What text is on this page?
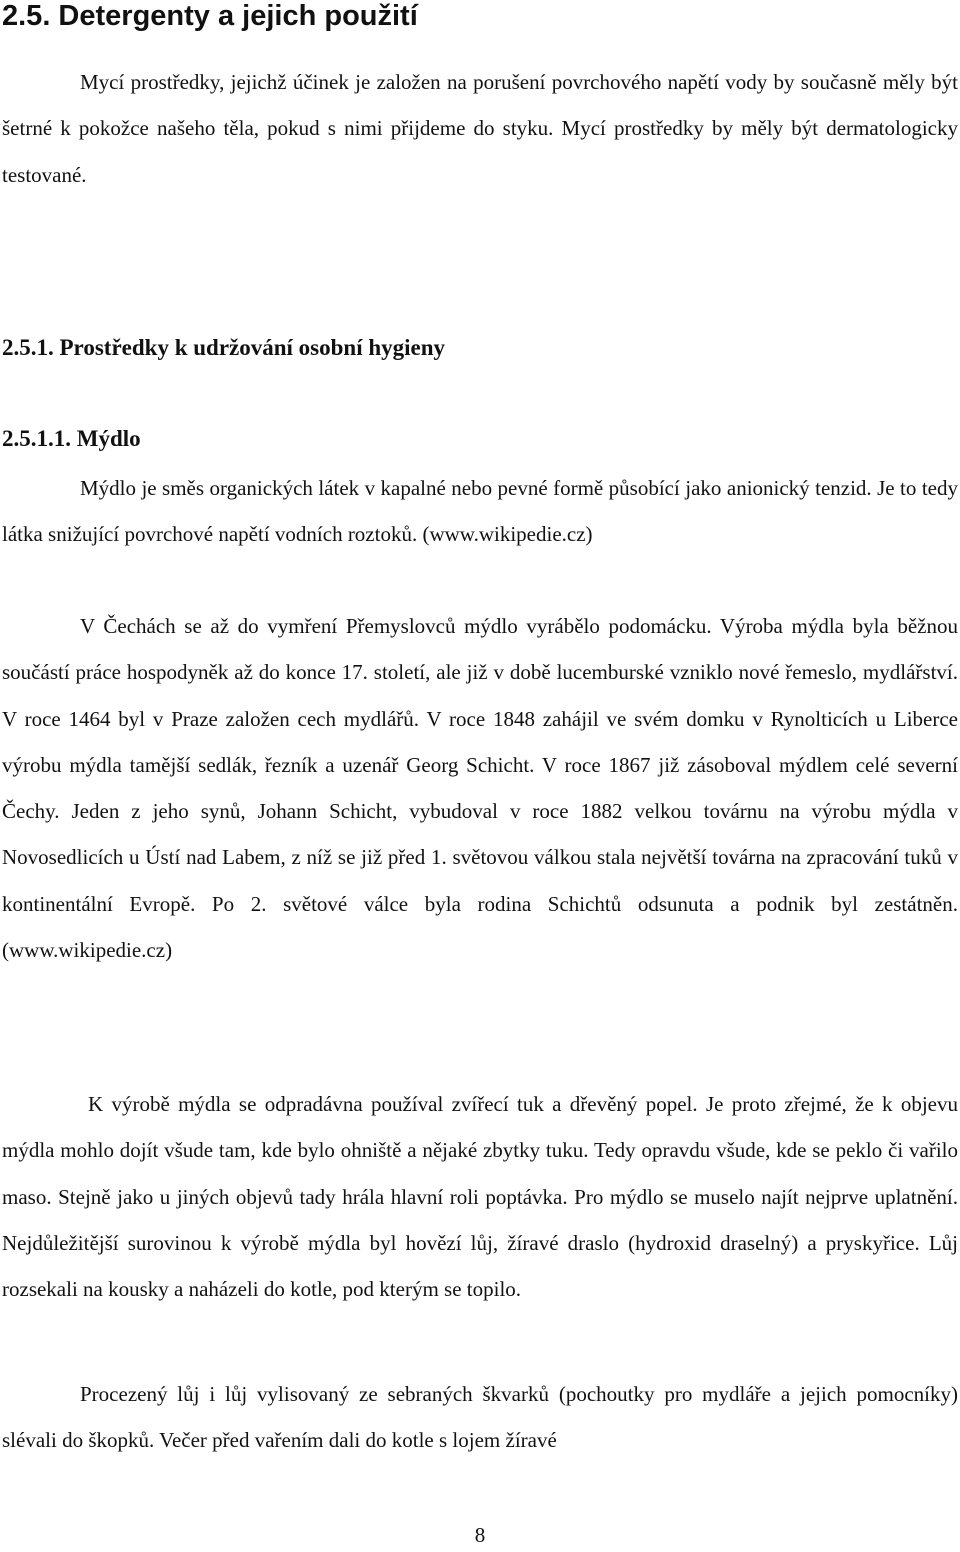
2.5. Detergenty a jejich použití

Mycí prostředky, jejichž účinek je založen na porušení povrchového napětí vody by současně měly být šetrné k pokožce našeho těla, pokud s nimi přijdeme do styku. Mycí prostředky by měly být dermatologicky testované.

2.5.1. Prostředky k udržování osobní hygieny
2.5.1.1. Mýdlo

Mýdlo je směs organických látek v kapalné nebo pevné formě působící jako anionický tenzid. Je to tedy látka snižující povrchové napětí vodních roztoků. (www.wikipedie.cz)

V Čechách se až do vymření Přemyslovců mýdlo vyrábělo podomácku. Výroba mýdla byla běžnou součástí práce hospodyněk až do konce 17. století, ale již v době lucemburské vzniklo nové řemeslo, mydlářství. V roce 1464 byl v Praze založen cech mydlářů. V roce 1848 zahájil ve svém domku v Rynolticích u Liberce výrobu mýdla tamější sedlák, řezník a uzenář Georg Schicht. V roce 1867 již zásoboval mýdlem celé severní Čechy. Jeden z jeho synů, Johann Schicht, vybudoval v roce 1882 velkou továrnu na výrobu mýdla v Novosedlicích u Ústí nad Labem, z níž se již před 1. světovou válkou stala největší továrna na zpracování tuků v kontinentální Evropě. Po 2. světové válce byla rodina Schichtů odsunuta a podnik byl zestátněn. (www.wikipedie.cz)

K výrobě mýdla se odpradávna používal zvířecí tuk a dřevěný popel. Je proto zřejmé, že k objevu mýdla mohlo dojít všude tam, kde bylo ohniště a nějaké zbytky tuku. Tedy opravdu všude, kde se peklo či vařilo maso. Stejně jako u jiných objevů tady hrála hlavní roli poptávka. Pro mýdlo se muselo najít nejprve uplatnění. Nejdůležitější surovinou k výrobě mýdla byl hovězí lůj, žíravé draslo (hydroxid draselný) a pryskyřice. Lůj rozsekali na kousky a naházeli do kotle, pod kterým se topilo.

Procezený lůj i lůj vylisovaný ze sebraných škvarků (pochoutky pro mydláře a jejich pomocníky) slévali do škopků. Večer před vařením dali do kotle s lojem žíravé

8
